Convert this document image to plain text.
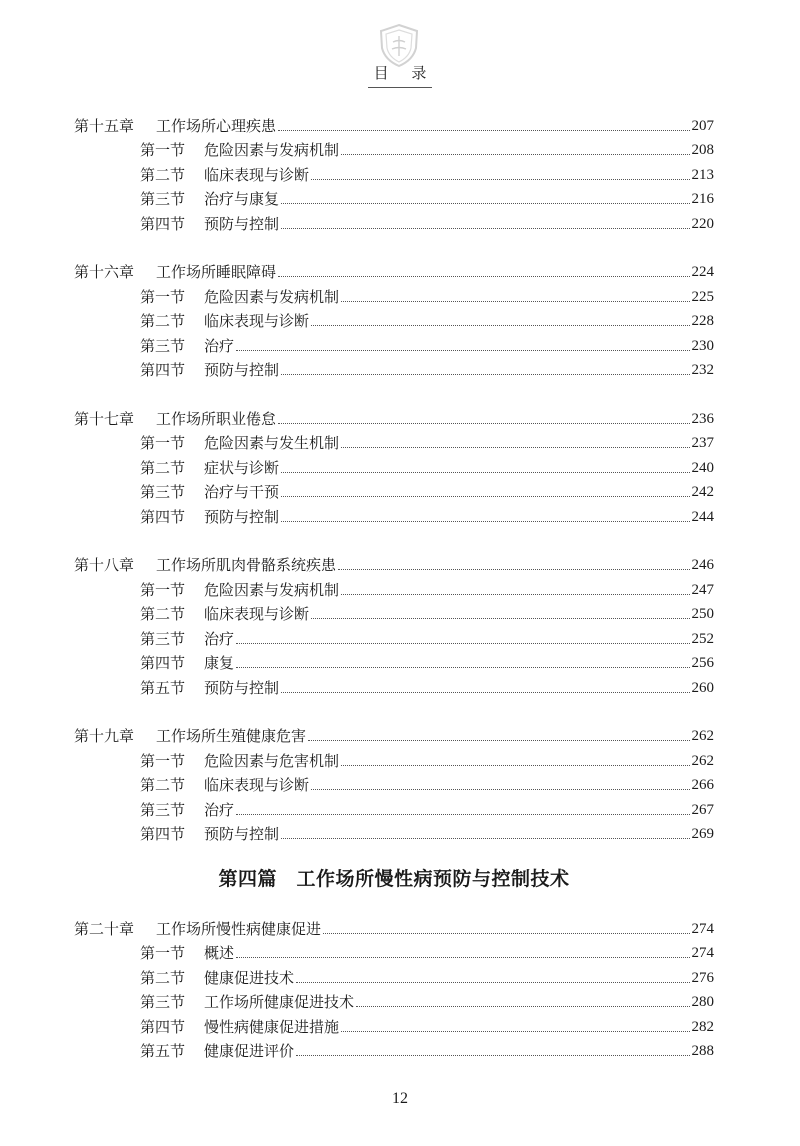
目 录
第十五章	工作场所心理疾患	207
第一节	危险因素与发病机制	208
第二节	临床表现与诊断	213
第三节	治疗与康复	216
第四节	预防与控制	220
第十六章	工作场所睡眠障碍	224
第一节	危险因素与发病机制	225
第二节	临床表现与诊断	228
第三节	治疗	230
第四节	预防与控制	232
第十七章	工作场所职业倦怠	236
第一节	危险因素与发生机制	237
第二节	症状与诊断	240
第三节	治疗与干预	242
第四节	预防与控制	244
第十八章	工作场所肌肉骨骼系统疾患	246
第一节	危险因素与发病机制	247
第二节	临床表现与诊断	250
第三节	治疗	252
第四节	康复	256
第五节	预防与控制	260
第十九章	工作场所生殖健康危害	262
第一节	危险因素与危害机制	262
第二节	临床表现与诊断	266
第三节	治疗	267
第四节	预防与控制	269
第四篇　工作场所慢性病预防与控制技术
第二十章	工作场所慢性病健康促进	274
第一节	概述	274
第二节	健康促进技术	276
第三节	工作场所健康促进技术	280
第四节	慢性病健康促进措施	282
第五节	健康促进评价	288
12
